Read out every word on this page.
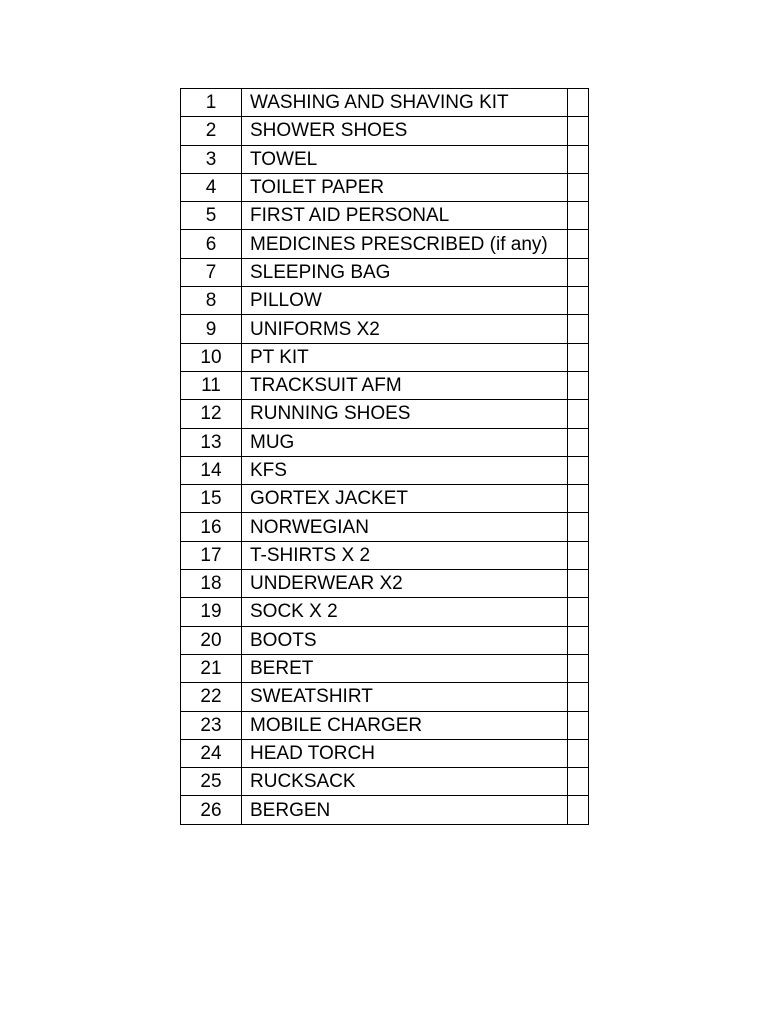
1	WASHING AND SHAVING KIT	
2	SHOWER SHOES	
3	TOWEL	
4	TOILET PAPER	
5	FIRST AID PERSONAL	
6	MEDICINES PRESCRIBED (if any)	
7	SLEEPING BAG	
8	PILLOW	
9	UNIFORMS X2	
10	PT KIT	
11	TRACKSUIT AFM	
12	RUNNING SHOES	
13	MUG	
14	KFS	
15	GORTEX JACKET	
16	NORWEGIAN	
17	T-SHIRTS X 2	
18	UNDERWEAR X2	
19	SOCK X 2	
20	BOOTS	
21	BERET	
22	SWEATSHIRT	
23	MOBILE CHARGER	
24	HEAD TORCH	
25	RUCKSACK	
26	BERGEN	
